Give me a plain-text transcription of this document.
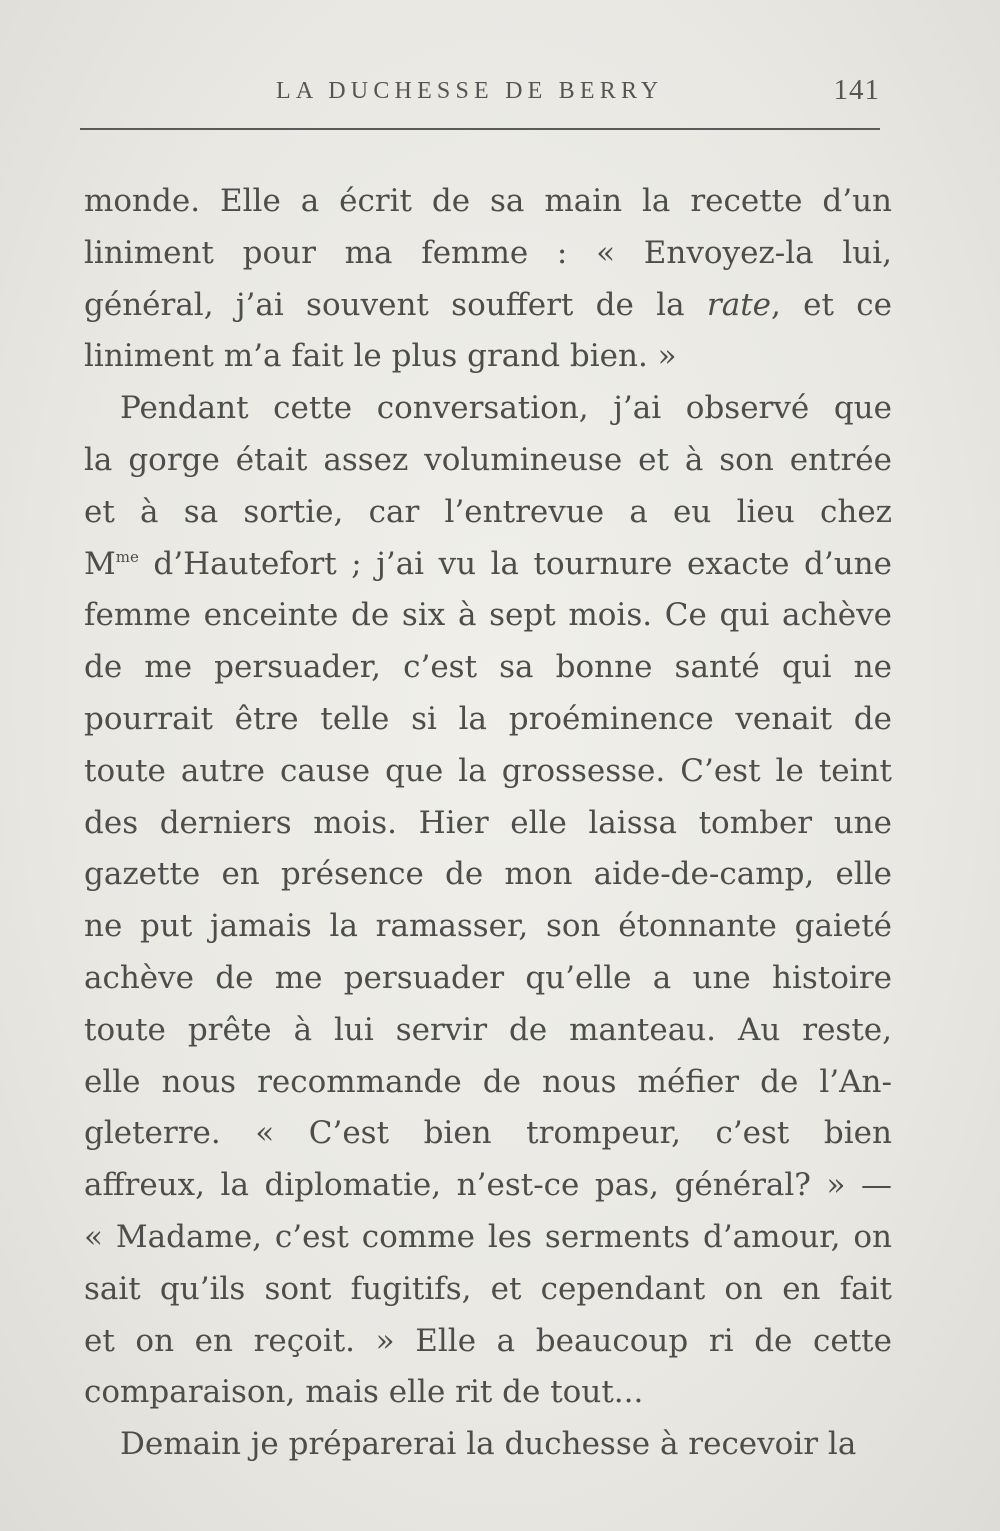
LA DUCHESSE DE BERRY	141
monde. Elle a écrit de sa main la recette d’un
liniment pour ma femme : « Envoyez-la lui,
général, j’ai souvent souffert de la rate, et ce
liniment m’a fait le plus grand bien. »
Pendant cette conversation, j’ai observé que
la gorge était assez volumineuse et à son entrée
et à sa sortie, car l’entrevue a eu lieu chez
$M^{me}$ d’Hautefort ; j’ai vu la tournure exacte d’une
femme enceinte de six à sept mois. Ce qui achève
de me persuader, c’est sa bonne santé qui ne
pourrait être telle si la proéminence venait de
toute autre cause que la grossesse. C’est le teint
des derniers mois. Hier elle laissa tomber une
gazette en présence de mon aide-de-camp, elle
ne put jamais la ramasser, son étonnante gaieté
achève de me persuader qu’elle a une histoire
toute prête à lui servir de manteau. Au reste,
elle nous recommande de nous méfier de l’An-
gleterre. « C’est bien trompeur, c’est bien
affreux, la diplomatie, n’est-ce pas, général? » —
« Madame, c’est comme les serments d’amour, on
sait qu’ils sont fugitifs, et cependant on en fait
et on en reçoit. » Elle a beaucoup ri de cette
comparaison, mais elle rit de tout...
Demain je préparerai la duchesse à recevoir la
